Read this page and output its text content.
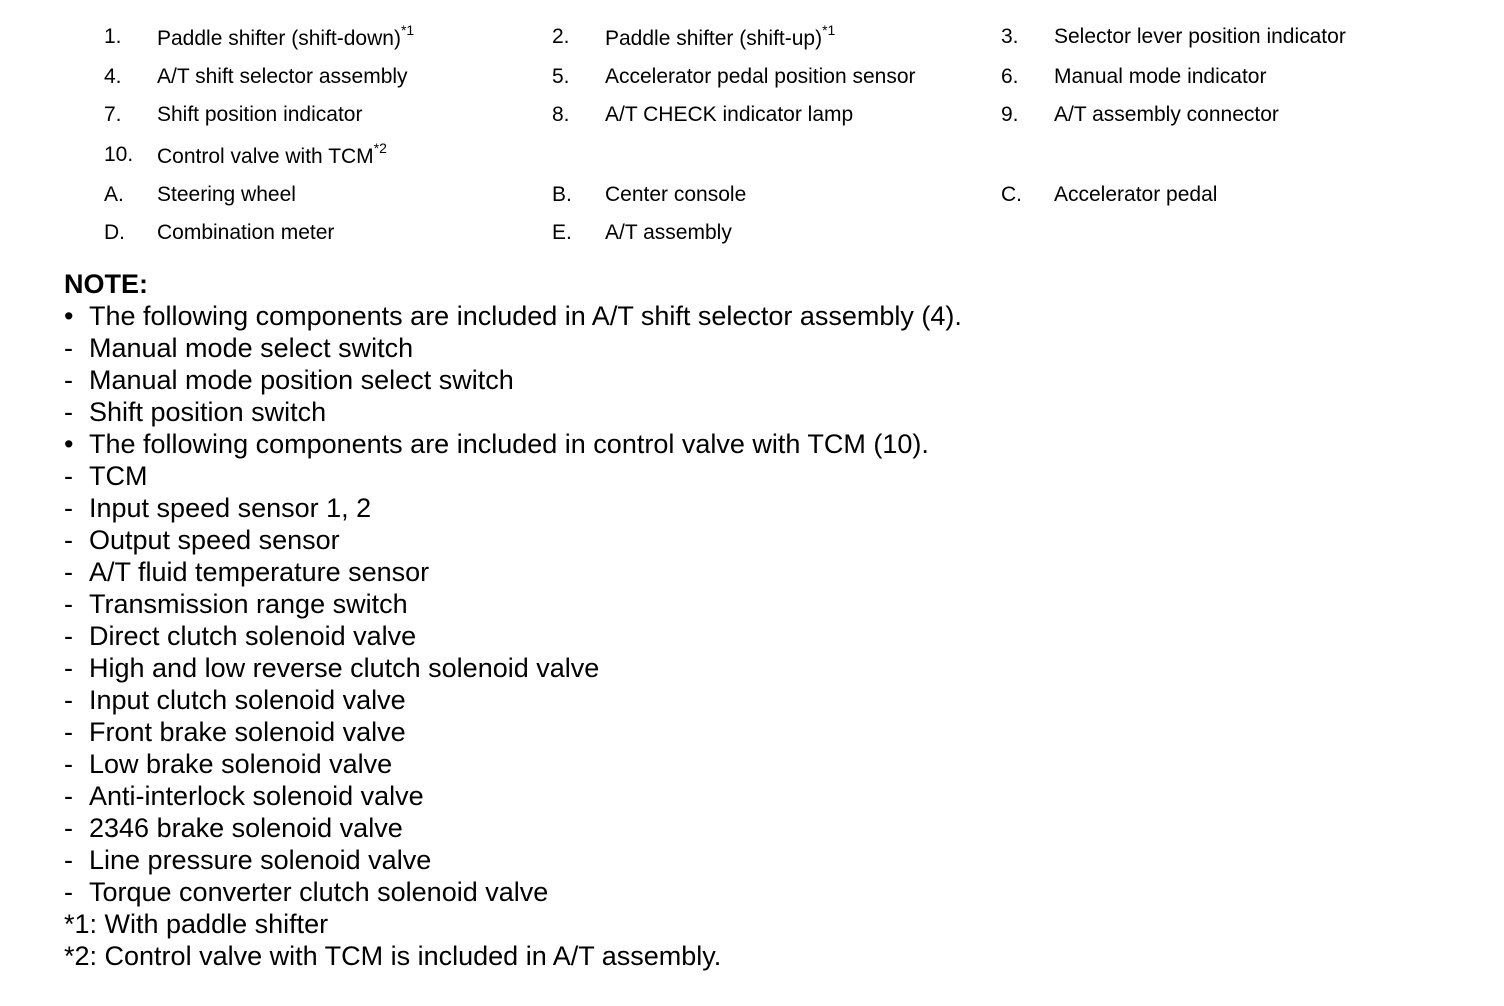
1. Paddle shifter (shift-down)$^{*1}$	2. Paddle shifter (shift-up)$^{*1}$	3. Selector lever position indicator
4. A/T shift selector assembly	5. Accelerator pedal position sensor	6. Manual mode indicator
7. Shift position indicator	8. A/T CHECK indicator lamp	9. A/T assembly connector
10. Control valve with TCM$^{*2}$
A. Steering wheel	B. Center console	C. Accelerator pedal
D. Combination meter	E. A/T assembly
NOTE:
• The following components are included in A/T shift selector assembly (4).
- Manual mode select switch
- Manual mode position select switch
- Shift position switch
• The following components are included in control valve with TCM (10).
- TCM
- Input speed sensor 1, 2
- Output speed sensor
- A/T fluid temperature sensor
- Transmission range switch
- Direct clutch solenoid valve
- High and low reverse clutch solenoid valve
- Input clutch solenoid valve
- Front brake solenoid valve
- Low brake solenoid valve
- Anti-interlock solenoid valve
- 2346 brake solenoid valve
- Line pressure solenoid valve
- Torque converter clutch solenoid valve
*1: With paddle shifter
*2: Control valve with TCM is included in A/T assembly.
